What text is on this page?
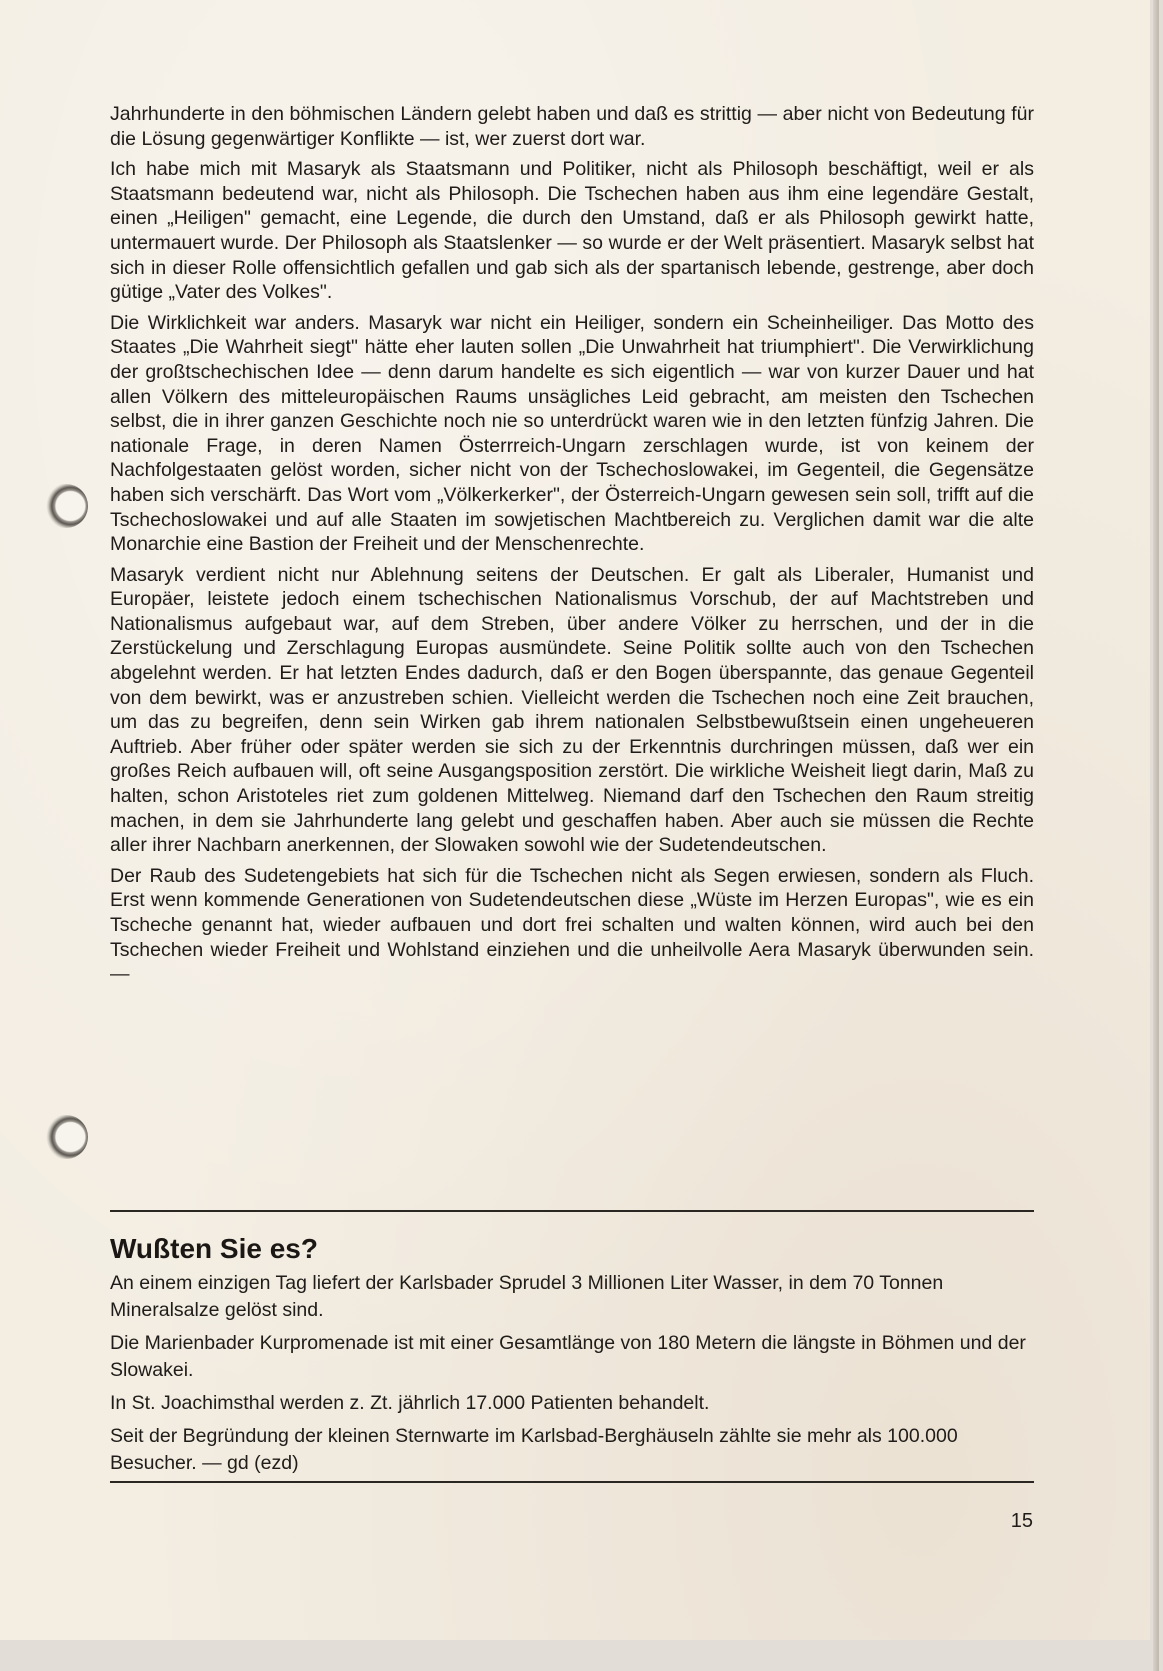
Jahrhunderte in den böhmischen Ländern gelebt haben und daß es strittig — aber nicht von Bedeutung für die Lösung gegenwärtiger Konflikte — ist, wer zuerst dort war.

Ich habe mich mit Masaryk als Staatsmann und Politiker, nicht als Philosoph beschäftigt, weil er als Staatsmann bedeutend war, nicht als Philosoph. Die Tschechen haben aus ihm eine legendäre Gestalt, einen „Heiligen" gemacht, eine Legende, die durch den Umstand, daß er als Philosoph gewirkt hatte, untermauert wurde. Der Philosoph als Staatslenker — so wurde er der Welt präsentiert. Masaryk selbst hat sich in dieser Rolle offensichtlich gefallen und gab sich als der spartanisch lebende, gestrenge, aber doch gütige „Vater des Volkes".

Die Wirklichkeit war anders. Masaryk war nicht ein Heiliger, sondern ein Scheinheiliger. Das Motto des Staates „Die Wahrheit siegt" hätte eher lauten sollen „Die Unwahrheit hat triumphiert". Die Verwirklichung der großtschechischen Idee — denn darum handelte es sich eigentlich — war von kurzer Dauer und hat allen Völkern des mitteleuropäischen Raums unsägliches Leid gebracht, am meisten den Tschechen selbst, die in ihrer ganzen Geschichte noch nie so unterdrückt waren wie in den letzten fünfzig Jahren. Die nationale Frage, in deren Namen Österrreich-Ungarn zerschlagen wurde, ist von keinem der Nachfolgestaaten gelöst worden, sicher nicht von der Tschechoslowakei, im Gegenteil, die Gegensätze haben sich verschärft. Das Wort vom „Völkerkerker", der Österreich-Ungarn gewesen sein soll, trifft auf die Tschechoslowakei und auf alle Staaten im sowjetischen Machtbereich zu. Verglichen damit war die alte Monarchie eine Bastion der Freiheit und der Menschenrechte.

Masaryk verdient nicht nur Ablehnung seitens der Deutschen. Er galt als Liberaler, Humanist und Europäer, leistete jedoch einem tschechischen Nationalismus Vorschub, der auf Machtstreben und Nationalismus aufgebaut war, auf dem Streben, über andere Völker zu herrschen, und der in die Zerstückelung und Zerschlagung Europas ausmündete. Seine Politik sollte auch von den Tschechen abgelehnt werden. Er hat letzten Endes dadurch, daß er den Bogen überspannte, das genaue Gegenteil von dem bewirkt, was er anzustreben schien. Vielleicht werden die Tschechen noch eine Zeit brauchen, um das zu begreifen, denn sein Wirken gab ihrem nationalen Selbstbewußtsein einen ungeheueren Auftrieb. Aber früher oder später werden sie sich zu der Erkenntnis durchringen müssen, daß wer ein großes Reich aufbauen will, oft seine Ausgangsposition zerstört. Die wirkliche Weisheit liegt darin, Maß zu halten, schon Aristoteles riet zum goldenen Mittelweg. Niemand darf den Tschechen den Raum streitig machen, in dem sie Jahrhunderte lang gelebt und geschaffen haben. Aber auch sie müssen die Rechte aller ihrer Nachbarn anerkennen, der Slowaken sowohl wie der Sudetendeutschen.

Der Raub des Sudetengebiets hat sich für die Tschechen nicht als Segen erwiesen, sondern als Fluch. Erst wenn kommende Generationen von Sudetendeutschen diese „Wüste im Herzen Europas", wie es ein Tscheche genannt hat, wieder aufbauen und dort frei schalten und walten können, wird auch bei den Tschechen wieder Freiheit und Wohlstand einziehen und die unheilvolle Aera Masaryk überwunden sein. —

Wußten Sie es?

An einem einzigen Tag liefert der Karlsbader Sprudel 3 Millionen Liter Wasser, in dem 70 Tonnen Mineralsalze gelöst sind.

Die Marienbader Kurpromenade ist mit einer Gesamtlänge von 180 Metern die längste in Böhmen und der Slowakei.

In St. Joachimsthal werden z. Zt. jährlich 17.000 Patienten behandelt.

Seit der Begründung der kleinen Sternwarte im Karlsbad-Berghäuseln zählte sie mehr als 100.000 Besucher. — gd (ezd)

15
